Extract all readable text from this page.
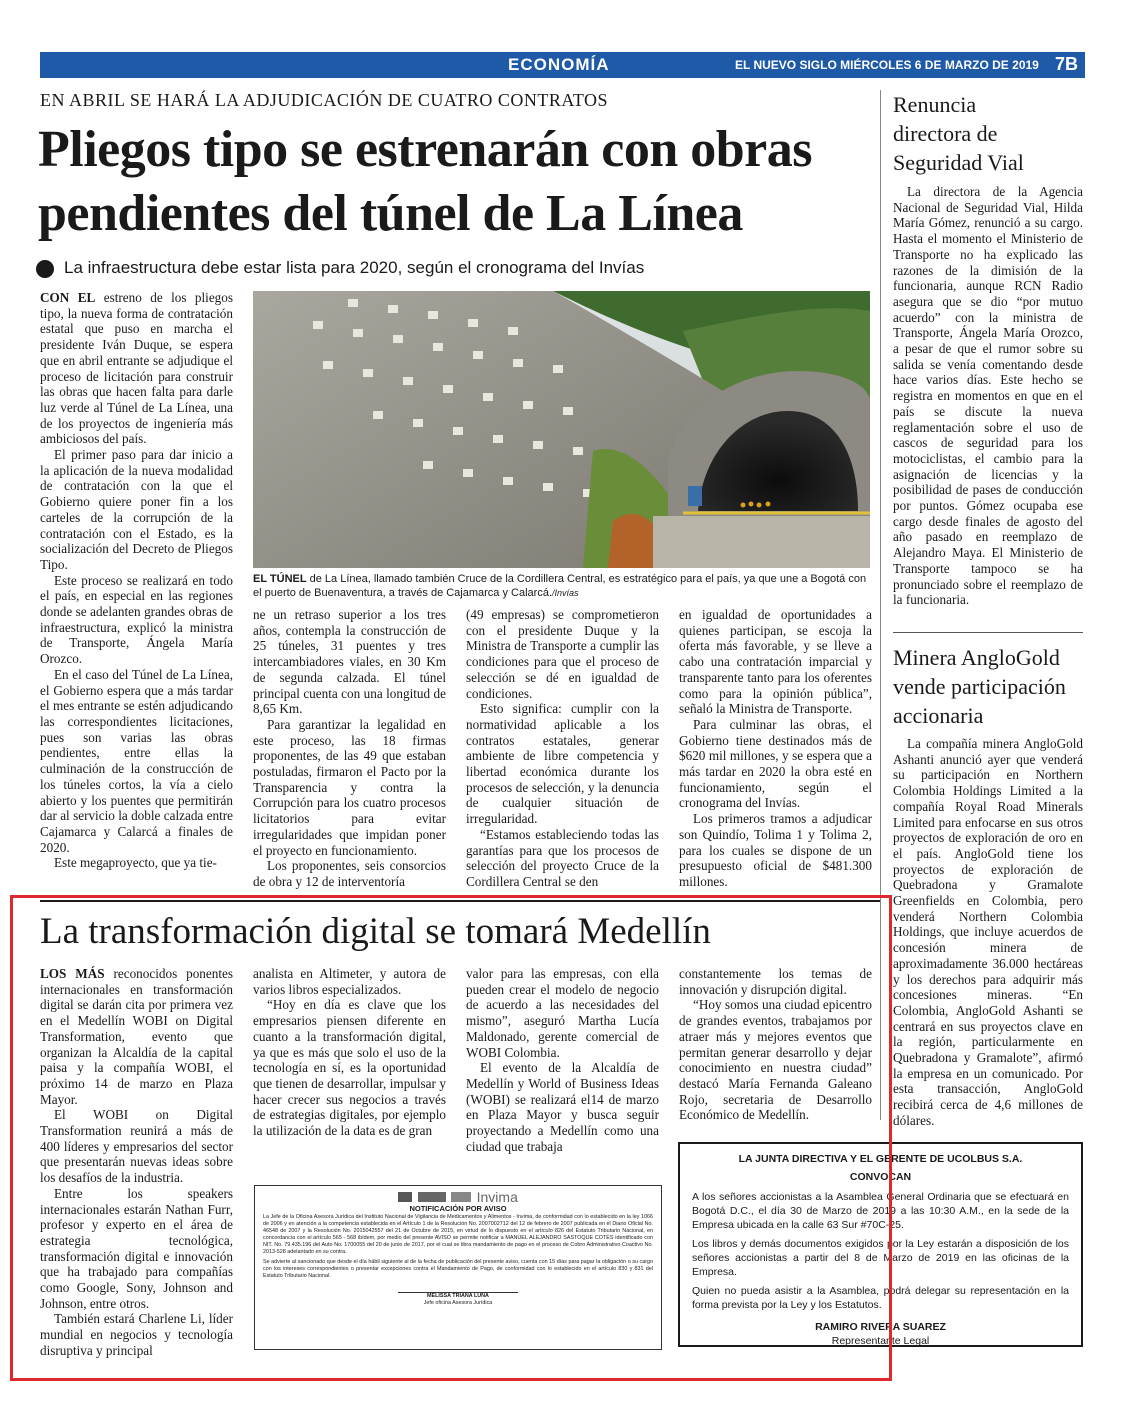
ECONOMÍA	EL NUEVO SIGLO MIÉRCOLES 6 DE MARZO DE 2019 7B
EN ABRIL SE HARÁ LA ADJUDICACIÓN DE CUATRO CONTRATOS
Pliegos tipo se estrenarán con obras
pendientes del túnel de La Línea
La infraestructura debe estar lista para 2020, según el cronograma del Invías

CON EL estreno de los pliegos tipo, la nueva forma de contratación estatal que puso en marcha el presidente Iván Duque, se espera que en abril entrante se adjudique el proceso de licitación para construir las obras que hacen falta para darle luz verde al Túnel de La Línea, una de los proyectos de ingeniería más ambiciosos del país.

El primer paso para dar inicio a la aplicación de la nueva modalidad de contratación con la que el Gobierno quiere poner fin a los carteles de la corrupción de la contratación con el Estado, es la socialización del Decreto de Pliegos Tipo.

Este proceso se realizará en todo el país, en especial en las regiones donde se adelanten grandes obras de infraestructura, explicó la ministra de Transporte, Ángela María Orozco.

En el caso del Túnel de La Línea, el Gobierno espera que a más tardar el mes entrante se estén adjudicando las correspondientes licitaciones, pues son varias las obras pendientes, entre ellas la culminación de la construcción de los túneles cortos, la vía a cielo abierto y los puentes que permitirán dar al servicio la doble calzada entre Cajamarca y Calarcá a finales de 2020.

Este megaproyecto, que ya tie-

EL TÚNEL de La Línea, llamado también Cruce de la Cordillera Central, es estratégico para el país, ya que une a Bogotá con el puerto de Buenaventura, a través de Cajamarca y Calarcá./Invías

ne un retraso superior a los tres años, contempla la construcción de 25 túneles, 31 puentes y tres intercambiadores viales, en 30 Km de segunda calzada. El túnel principal cuenta con una longitud de 8,65 Km.

Para garantizar la legalidad en este proceso, las 18 firmas proponentes, de las 49 que estaban postuladas, firmaron el Pacto por la Transparencia y contra la Corrupción para los cuatro procesos licitatorios para evitar irregularidades que impidan poner el proyecto en funcionamiento.

Los proponentes, seis consorcios de obra y 12 de interventoría

(49 empresas) se comprometieron con el presidente Duque y la Ministra de Transporte a cumplir las condiciones para que el proceso de selección se dé en igualdad de condiciones.

Esto significa: cumplir con la normatividad aplicable a los contratos estatales, generar ambiente de libre competencia y libertad económica durante los procesos de selección, y la denuncia de cualquier situación de irregularidad.

“Estamos estableciendo todas las garantías para que los procesos de selección del proyecto Cruce de la Cordillera Central se den

en igualdad de oportunidades a quienes participan, se escoja la oferta más favorable, y se lleve a cabo una contratación imparcial y transparente tanto para los oferentes como para la opinión pública”, señaló la Ministra de Transporte.

Para culminar las obras, el Gobierno tiene destinados más de $620 mil millones, y se espera que a más tardar en 2020 la obra esté en funcionamiento, según el cronograma del Invías.

Los primeros tramos a adjudicar son Quindío, Tolima 1 y Tolima 2, para los cuales se dispone de un presupuesto oficial de $481.300 millones.

Renuncia
directora de
Seguridad Vial

La directora de la Agencia Nacional de Seguridad Vial, Hilda María Gómez, renunció a su cargo. Hasta el momento el Ministerio de Transporte no ha explicado las razones de la dimisión de la funcionaria, aunque RCN Radio asegura que se dio “por mutuo acuerdo” con la ministra de Transporte, Ángela María Orozco, a pesar de que el rumor sobre su salida se venía comentando desde hace varios días. Este hecho se registra en momentos en que en el país se discute la nueva reglamentación sobre el uso de cascos de seguridad para los motociclistas, el cambio para la asignación de licencias y la posibilidad de pases de conducción por puntos. Gómez ocupaba ese cargo desde finales de agosto del año pasado en reemplazo de Alejandro Maya. El Ministerio de Transporte tampoco se ha pronunciado sobre el reemplazo de la funcionaria.

Minera AngloGold
vende participación
accionaria

La compañía minera AngloGold Ashanti anunció ayer que venderá su participación en Northern Colombia Holdings Limited a la compañía Royal Road Minerals Limited para enfocarse en sus otros proyectos de exploración de oro en el país. AngloGold tiene los proyectos de exploración de Quebradona y Gramalote Greenfields en Colombia, pero venderá Northern Colombia Holdings, que incluye acuerdos de concesión minera de aproximadamente 36.000 hectáreas y los derechos para adquirir más concesiones mineras. “En Colombia, AngloGold Ashanti se centrará en sus proyectos clave en la región, particularmente en Quebradona y Gramalote”, afirmó la empresa en un comunicado. Por esta transacción, AngloGold recibirá cerca de 4,6 millones de dólares.

La transformación digital se tomará Medellín

LOS MÁS reconocidos ponentes internacionales en transformación digital se darán cita por primera vez en el Medellín WOBI on Digital Transformation, evento que organizan la Alcaldía de la capital paisa y la compañía WOBI, el próximo 14 de marzo en Plaza Mayor.

El WOBI on Digital Transformation reunirá a más de 400 líderes y empresarios del sector que presentarán nuevas ideas sobre los desafíos de la industria.

Entre los speakers internacionales estarán Nathan Furr, profesor y experto en el área de estrategia tecnológica, transformación digital e innovación que ha trabajado para compañías como Google, Sony, Johnson and Johnson, entre otros.

También estará Charlene Li, líder mundial en negocios y tecnología disruptiva y principal

analista en Altimeter, y autora de varios libros especializados.

“Hoy en día es clave que los empresarios piensen diferente en cuanto a la transformación digital, ya que es más que solo el uso de la tecnología en sí, es la oportunidad que tienen de desarrollar, impulsar y hacer crecer sus negocios a través de estrategias digitales, por ejemplo la utilización de la data es de gran

valor para las empresas, con ella pueden crear el modelo de negocio de acuerdo a las necesidades del mismo”, aseguró Martha Lucía Maldonado, gerente comercial de WOBI Colombia.

El evento de la Alcaldía de Medellín y World of Business Ideas (WOBI) se realizará el14 de marzo en Plaza Mayor y busca seguir proyectando a Medellín como una ciudad que trabaja

constantemente los temas de innovación y disrupción digital.

“Hoy somos una ciudad epicentro de grandes eventos, trabajamos por atraer más y mejores eventos que permitan generar desarrollo y dejar conocimiento en nuestra ciudad” destacó María Fernanda Galeano Rojo, secretaria de Desarrollo Económico de Medellín.

Invima
NOTIFICACIÓN POR AVISO
La Jefe de la Oficina Asesora Jurídica del Instituto Nacional de Vigilancia de Medicamentos y Alimentos - Invima, de conformidad con lo establecido en la ley 1066 de 2006 y en atención a la competencia establecida en el Artículo 1 de la Resolución No. 2007002712 del 12 de febrero de 2007 publicada en el Diario Oficial No. 46548 de 2007 y la Resolución No. 2015042557 del 21 de Octubre de 2015, en virtud de lo dispuesto en el artículo 826 del Estatuto Tributario Nacional, en concordancia con el artículo 565 - 568 ibídem, por medio del presente AVISO se permite notificar a MANUEL ALEJANDRO SASTOQUE COTES identificado con NIT. No. 79.435.196 del Auto No. 1700055 del 20 de junio de 2017, por el cual se libra mandamiento de pago en el proceso de Cobro Administrativo Coactivo No. 2013-528 adelantado en su contra.
Se advierte al sancionado que desde el día hábil siguiente al de la fecha de publicación del presente aviso, cuenta con 15 días para pagar la obligación o su cargo con los intereses correspondientes o presentar excepciones contra el Mandamiento de Pago, de conformidad con lo establecido en el artículo 830 y 831 del Estatuto Tributario Nacional.
MELISSA TRIANA LUNA
Jefe oficina Asesora Jurídica
LA JUNTA DIRECTIVA Y EL GERENTE DE UCOLBUS S.A.
CONVOCAN
A los señores accionistas a la Asamblea General Ordinaria que se efectuará en Bogotá D.C., el día 30 de Marzo de 2019 a las 10:30 A.M., en la sede de la Empresa ubicada en la calle 63 Sur #70C-25.
Los libros y demás documentos exigidos por la Ley estarán a disposición de los señores accionistas a partir del 8 de Marzo de 2019 en las oficinas de la Empresa.
Quien no pueda asistir a la Asamblea, podrá delegar su representación en la forma prevista por la Ley y los Estatutos.
RAMIRO RIVERA SUAREZ
Representante Legal
